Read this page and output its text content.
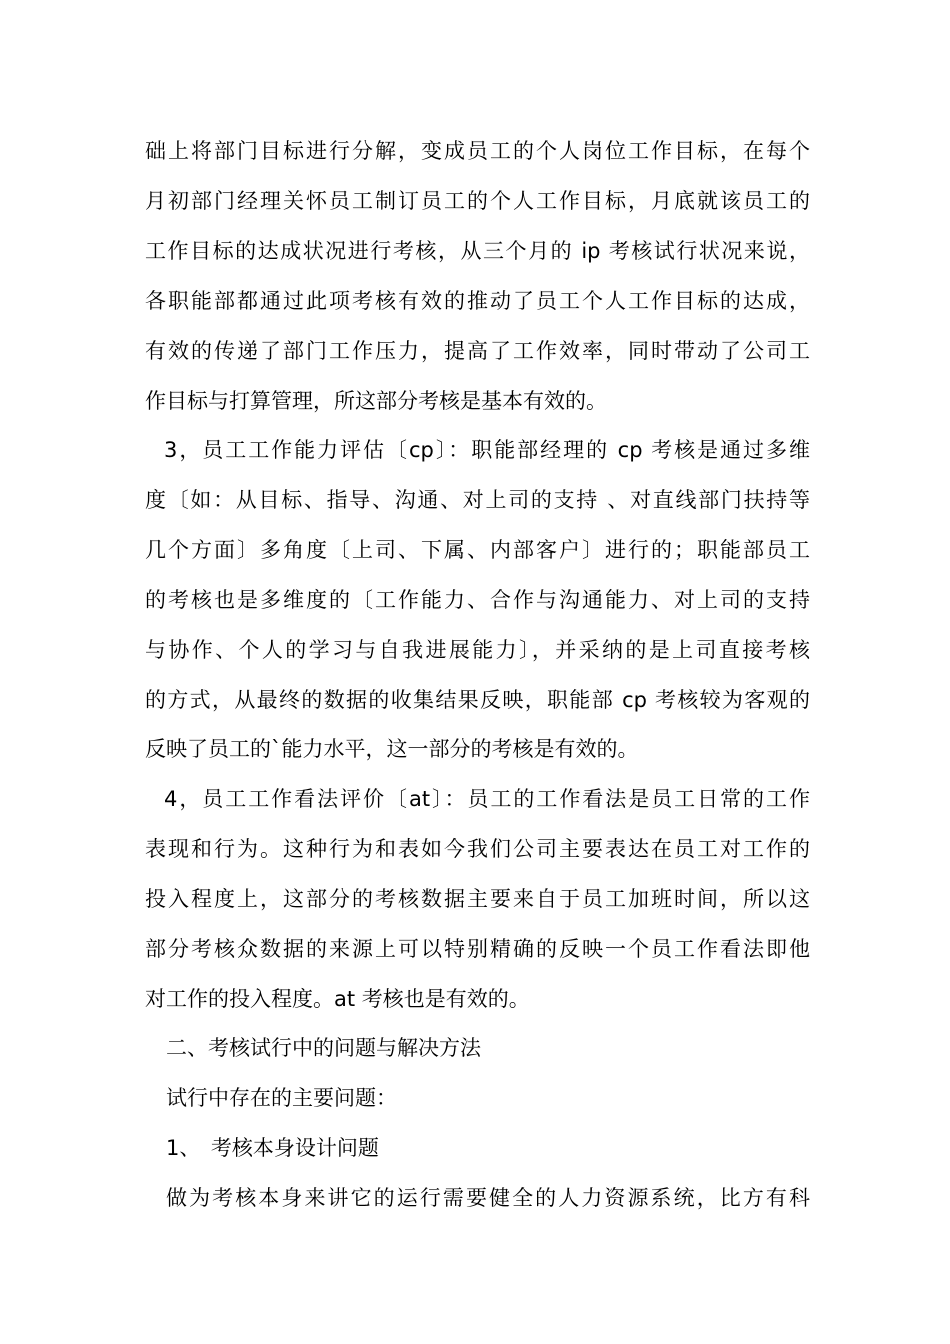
础上将部门目标进行分解，变成员工的个人岗位工作目标，在每个
月初部门经理关怀员工制订员工的个人工作目标，月底就该员工的
工作目标的达成状况进行考核，从三个月的 ip 考核试行状况来说，
各职能部都通过此项考核有效的推动了员工个人工作目标的达成，
有效的传递了部门工作压力，提高了工作效率，同时带动了公司工
作目标与打算管理，所这部分考核是基本有效的。
3，员工工作能力评估〔cp〕：职能部经理的 cp 考核是通过多维
度〔如：从目标、指导、沟通、对上司的支持 、对直线部门扶持等
几个方面〕多角度〔上司、下属、内部客户〕进行的；职能部员工
的考核也是多维度的〔工作能力、合作与沟通能力、对上司的支持
与协作、个人的学习与自我进展能力〕，并采纳的是上司直接考核
的方式，从最终的数据的收集结果反映，职能部 cp 考核较为客观的
反映了员工的`能力水平，这一部分的考核是有效的。
4，员工工作看法评价〔at〕：员工的工作看法是员工日常的工作
表现和行为。这种行为和表如今我们公司主要表达在员工对工作的
投入程度上，这部分的考核数据主要来自于员工加班时间，所以这
部分考核众数据的来源上可以特别精确的反映一个员工作看法即他
对工作的投入程度。at 考核也是有效的。
二、考核试行中的问题与解决方法
试行中存在的主要问题：
1、　考核本身设计问题
做为考核本身来讲它的运行需要健全的人力资源系统，比方有科
